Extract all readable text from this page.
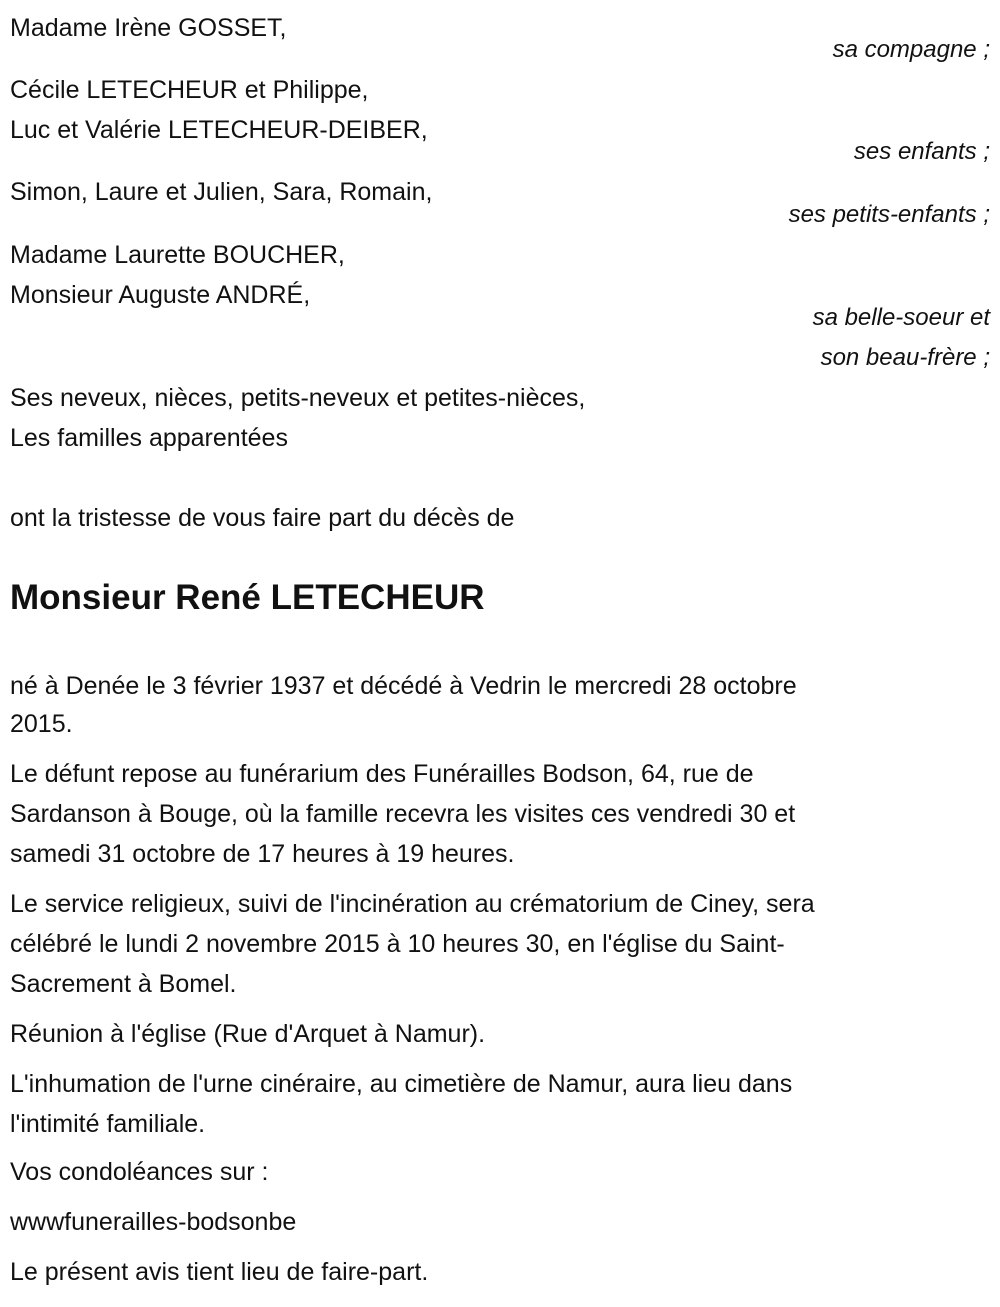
Madame Irène GOSSET,
sa compagne ;
Cécile LETECHEUR et Philippe,
Luc et Valérie LETECHEUR-DEIBER,
ses enfants ;
Simon, Laure et Julien, Sara, Romain,
ses petits-enfants ;
Madame Laurette BOUCHER,
Monsieur Auguste ANDRÉ,
sa belle-soeur et
son beau-frère ;
Ses neveux, nièces, petits-neveux et petites-nièces,
Les familles apparentées
ont la tristesse de vous faire part du décès de
Monsieur René LETECHEUR
né à Denée le 3 février 1937 et décédé à Vedrin le mercredi 28 octobre
2015.
Le défunt repose au funérarium des Funérailles Bodson, 64, rue de
Sardanson à Bouge, où la famille recevra les visites ces vendredi 30 et
samedi 31 octobre de 17 heures à 19 heures.
Le service religieux, suivi de l'incinération au crématorium de Ciney, sera
célébré le lundi 2 novembre 2015 à 10 heures 30, en l'église du Saint-
Sacrement à Bomel.
Réunion à l'église (Rue d'Arquet à Namur).
L'inhumation de l'urne cinéraire, au cimetière de Namur, aura lieu dans
l'intimité familiale.
Vos condoléances sur :
wwwfunerailles-bodsonbe
Le présent avis tient lieu de faire-part.
